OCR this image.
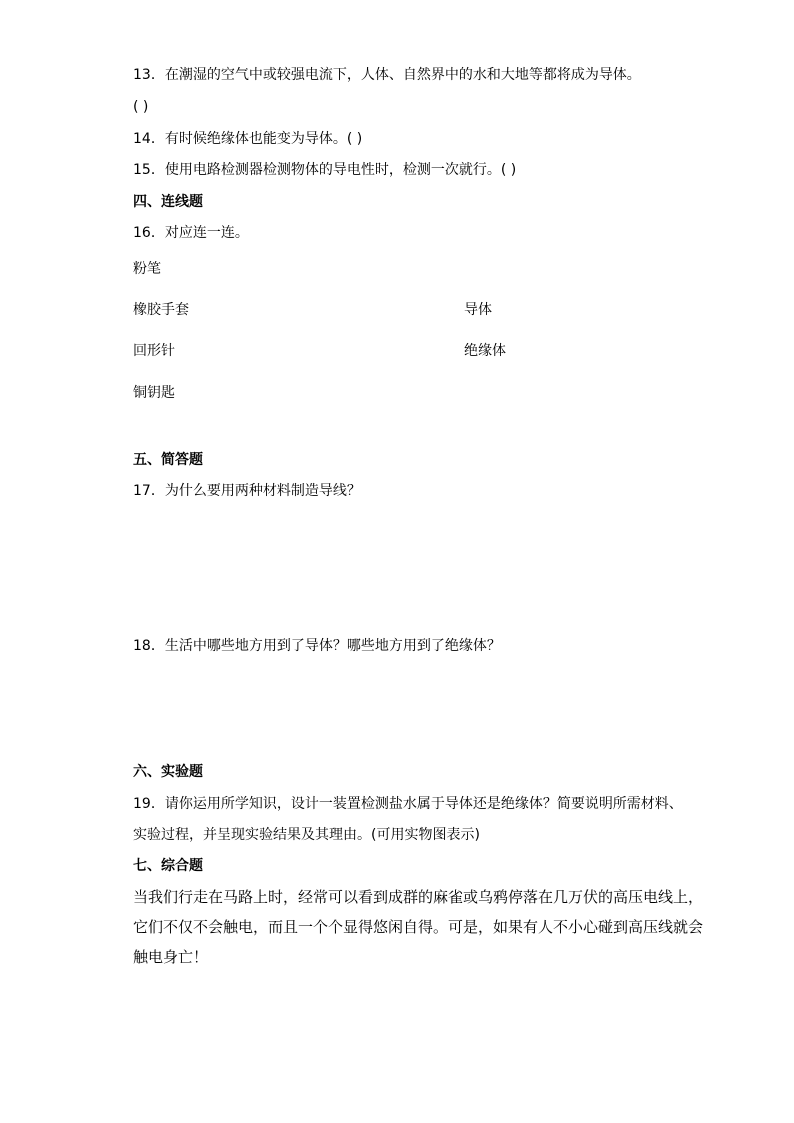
13．在潮湿的空气中或较强电流下，人体、自然界中的水和大地等都将成为导体。
( )
14．有时候绝缘体也能变为导体。( )
15．使用电路检测器检测物体的导电性时，检测一次就行。( )
四、连线题
16．对应连一连。
粉笔
橡胶手套	导体
回形针	绝缘体
铜钥匙
五、简答题
17．为什么要用两种材料制造导线？
18．生活中哪些地方用到了导体？哪些地方用到了绝缘体？
六、实验题
19．请你运用所学知识，设计一装置检测盐水属于导体还是绝缘体？简要说明所需材料、
实验过程，并呈现实验结果及其理由。(可用实物图表示)
七、综合题
当我们行走在马路上时，经常可以看到成群的麻雀或乌鸦停落在几万伏的高压电线上，
它们不仅不会触电，而且一个个显得悠闲自得。可是，如果有人不小心碰到高压线就会
触电身亡！
